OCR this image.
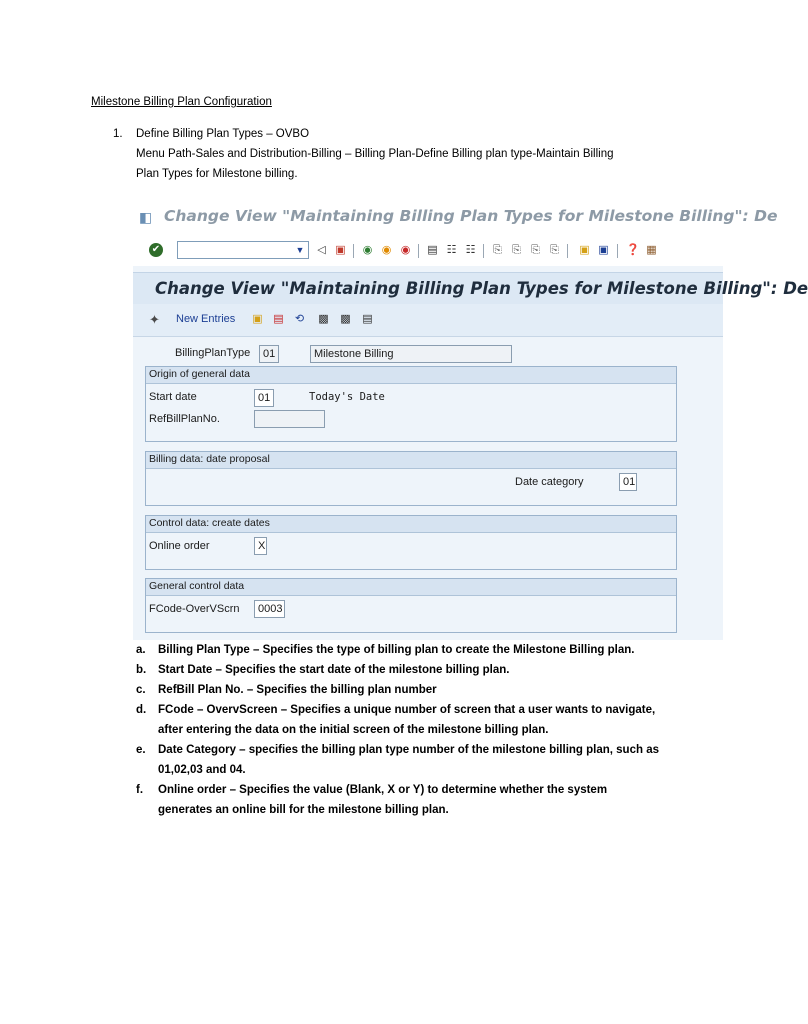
Milestone Billing Plan Configuration
1. Define Billing Plan Types – OVBO
Menu Path-Sales and Distribution-Billing – Billing Plan-Define Billing plan type-Maintain Billing
Plan Types for Milestone billing.
◧ Change View "Maintaining Billing Plan Types for Milestone Billing": De
✔	▼ ◁ ▣ ◉ ◉ ◉ ▤ ☷ ☷ ⎘ ⎘ ⎘ ⎘ ▣ ▣ ❓ ▦
Change View "Maintaining Billing Plan Types for Milestone Billing": De
✦ New Entries ▣ ▤ ⟲ ▩ ▩ ▤
BillingPlanType	01	Milestone Billing
Origin of general data
Start date	01	Today's Date
RefBillPlanNo.
Billing data: date proposal
Date category	01
Control data: create dates
Online order	X
General control data
FCode-OverVScrn	0003
a. Billing Plan Type – Specifies the type of billing plan to create the Milestone Billing plan.
b. Start Date – Specifies the start date of the milestone billing plan.
c. RefBill Plan No. – Specifies the billing plan number
d. FCode – OvervScreen – Specifies a unique number of screen that a user wants to navigate,
after entering the data on the initial screen of the milestone billing plan.
e. Date Category – specifies the billing plan type number of the milestone billing plan, such as
01,02,03 and 04.
f. Online order – Specifies the value (Blank, X or Y) to determine whether the system
generates an online bill for the milestone billing plan.
